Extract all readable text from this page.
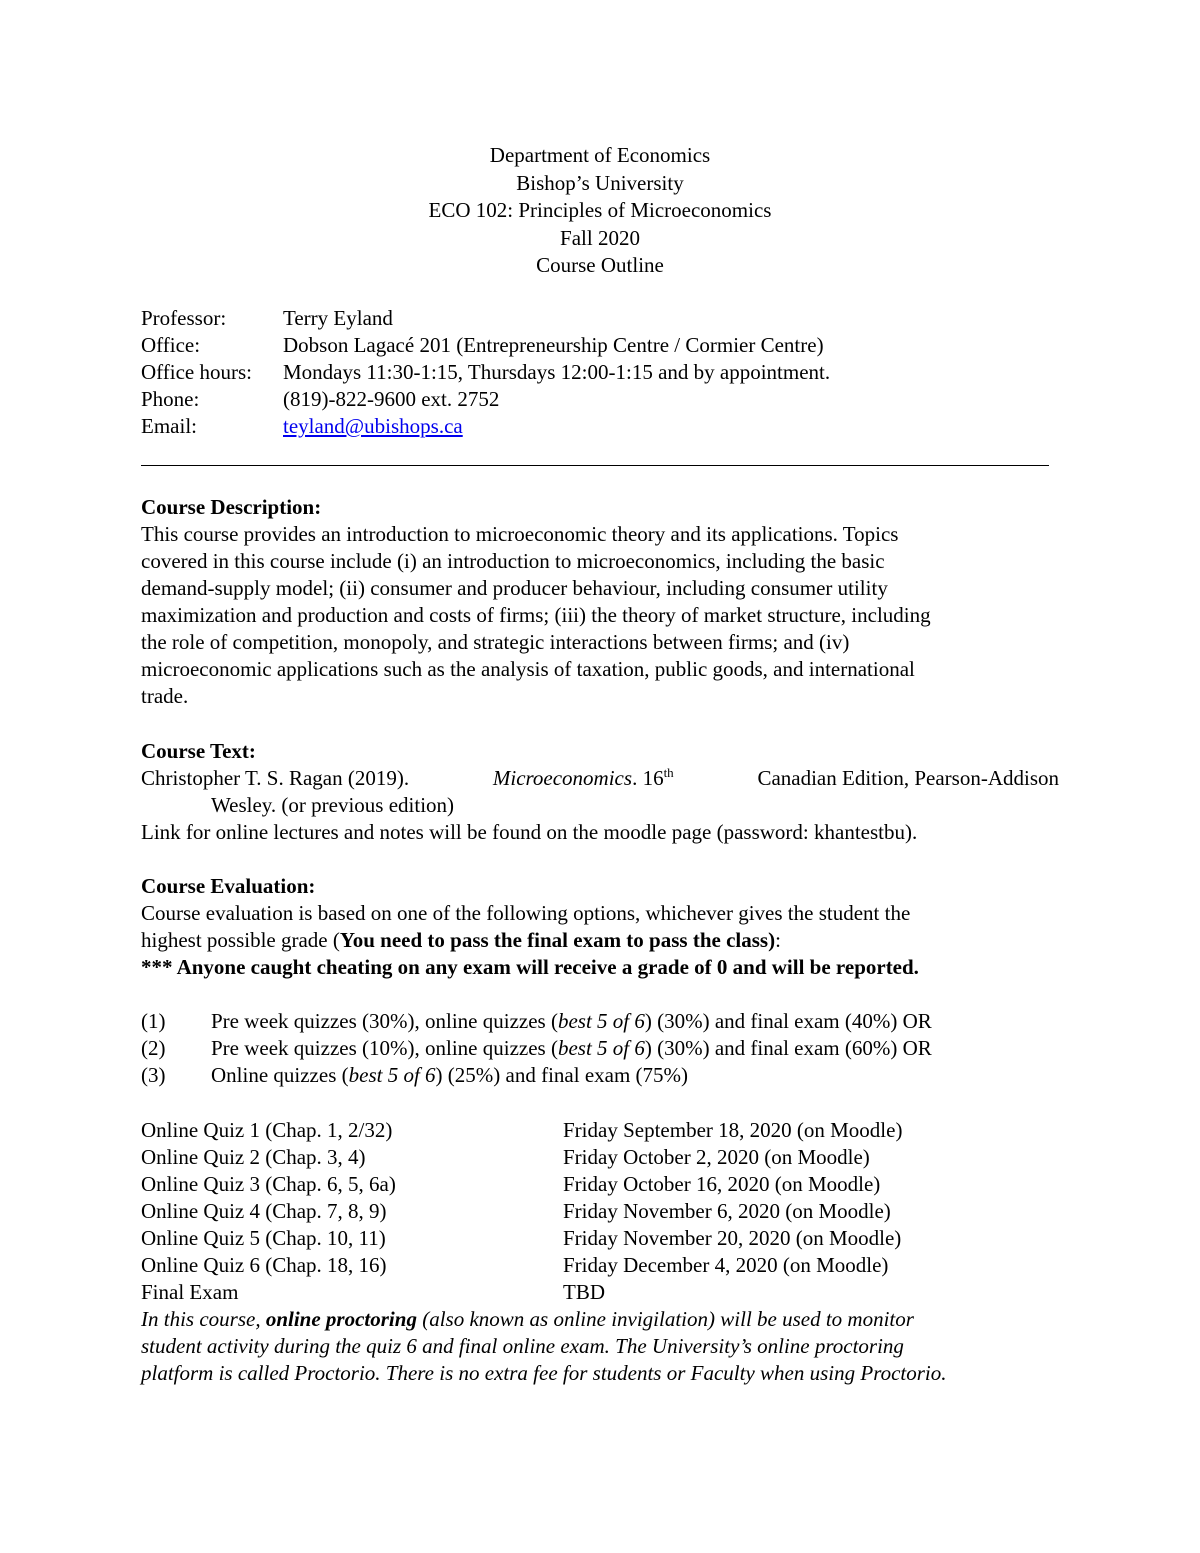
Department of Economics
Bishop’s University
ECO 102: Principles of Microeconomics
Fall 2020
Course Outline
Professor:	Terry Eyland
Office:	Dobson Lagacé 201 (Entrepreneurship Centre / Cormier Centre)
Office hours: Mondays 11:30-1:15, Thursdays 12:00-1:15 and by appointment.
Phone:	(819)-822-9600 ext. 2752
Email:	teyland@ubishops.ca
Course Description:
This course provides an introduction to microeconomic theory and its applications. Topics
covered in this course include (i) an introduction to microeconomics, including the basic
demand-supply model; (ii) consumer and producer behaviour, including consumer utility
maximization and production and costs of firms; (iii) the theory of market structure, including
the role of competition, monopoly, and strategic interactions between firms; and (iv)
microeconomic applications such as the analysis of taxation, public goods, and international
trade.
Course Text:
Christopher T. S. Ragan (2019).	Microeconomics. 16th	Canadian Edition, Pearson-Addison
Wesley. (or previous edition)
Link for online lectures and notes will be found on the moodle page (password: khantestbu).
Course Evaluation:
Course evaluation is based on one of the following options, whichever gives the student the
highest possible grade (You need to pass the final exam to pass the class):
*** Anyone caught cheating on any exam will receive a grade of 0 and will be reported.
(1) Pre week quizzes (30%), online quizzes (best 5 of 6) (30%) and final exam (40%) OR
(2) Pre week quizzes (10%), online quizzes (best 5 of 6) (30%) and final exam (60%) OR
(3) Online quizzes (best 5 of 6) (25%) and final exam (75%)
Online Quiz 1 (Chap. 1, 2/32)	Friday September 18, 2020 (on Moodle)
Online Quiz 2 (Chap. 3, 4)	Friday October 2, 2020 (on Moodle)
Online Quiz 3 (Chap. 6, 5, 6a)	Friday October 16, 2020 (on Moodle)
Online Quiz 4 (Chap. 7, 8, 9)	Friday November 6, 2020 (on Moodle)
Online Quiz 5 (Chap. 10, 11)	Friday November 20, 2020 (on Moodle)
Online Quiz 6 (Chap. 18, 16)	Friday December 4, 2020 (on Moodle)
Final Exam	TBD
In this course, online proctoring (also known as online invigilation) will be used to monitor
student activity during the quiz 6 and final online exam. The University’s online proctoring
platform is called Proctorio. There is no extra fee for students or Faculty when using Proctorio.
